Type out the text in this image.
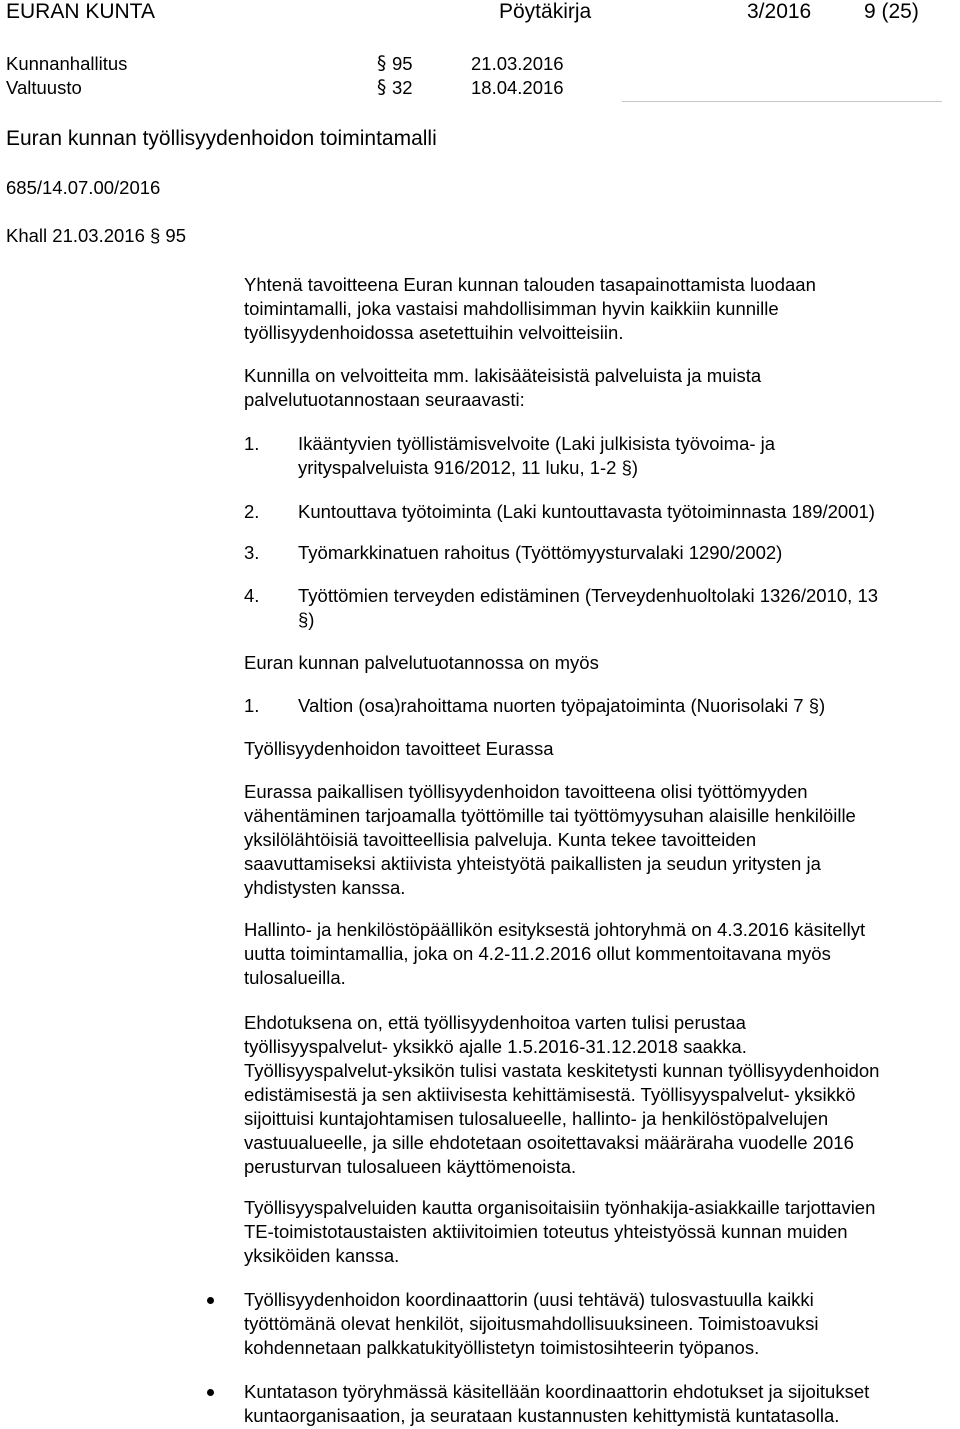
EURAN KUNTA	Pöytäkirja	3/2016	9 (25)
Kunnanhallitus	§ 95	21.03.2016
Valtuusto	§ 32	18.04.2016
Euran kunnan työllisyydenhoidon toimintamalli
685/14.07.00/2016
Khall 21.03.2016 § 95

Yhtenä tavoitteena Euran kunnan talouden tasapainottamista luodaan

toimintamalli, joka vastaisi mahdollisimman hyvin kaikkiin kunnille

työllisyydenhoidossa asetettuihin velvoitteisiin.

Kunnilla on velvoitteita mm. lakisääteisistä palveluista ja muista

palvelutuotannostaan seuraavasti:

1. Ikääntyvien työllistämisvelvoite (Laki julkisista työvoima- ja

yrityspalveluista 916/2012, 11 luku, 1-2 §)

2. Kuntouttava työtoiminta (Laki kuntouttavasta työtoiminnasta 189/2001)

3. Työmarkkinatuen rahoitus (Työttömyysturvalaki 1290/2002)

4. Työttömien terveyden edistäminen (Terveydenhuoltolaki 1326/2010, 13

§)

Euran kunnan palvelutuotannossa on myös
1. Valtion (osa)rahoittama nuorten työpajatoiminta (Nuorisolaki 7 §)

Työllisyydenhoidon tavoitteet Eurassa

Eurassa paikallisen työllisyydenhoidon tavoitteena olisi työttömyyden

vähentäminen tarjoamalla työttömille tai työttömyysuhan alaisille henkilöille

yksilölähtöisiä tavoitteellisia palveluja. Kunta tekee tavoitteiden

saavuttamiseksi aktiivista yhteistyötä paikallisten ja seudun yritysten ja

yhdistysten kanssa.

Hallinto- ja henkilöstöpäällikön esityksestä johtoryhmä on 4.3.2016 käsitellyt

uutta toimintamallia, joka on 4.2-11.2.2016 ollut kommentoitavana myös

tulosalueilla.

Ehdotuksena on, että työllisyydenhoitoa varten tulisi perustaa

työllisyyspalvelut- yksikkö ajalle 1.5.2016-31.12.2018 saakka.

Työllisyyspalvelut-yksikön tulisi vastata keskitetysti kunnan työllisyydenhoidon

edistämisestä ja sen aktiivisesta kehittämisestä. Työllisyyspalvelut- yksikkö

sijoittuisi kuntajohtamisen tulosalueelle, hallinto- ja henkilöstöpalvelujen

vastuualueelle, ja sille ehdotetaan osoitettavaksi määräraha vuodelle 2016

perusturvan tulosalueen käyttömenoista.

Työllisyyspalveluiden kautta organisoitaisiin työnhakija-asiakkaille tarjottavien

TE-toimistotaustaisten aktiivitoimien toteutus yhteistyössä kunnan muiden

yksiköiden kanssa.

Työllisyydenhoidon koordinaattorin (uusi tehtävä) tulosvastuulla kaikki

työttömänä olevat henkilöt, sijoitusmahdollisuuksineen. Toimistoavuksi

kohdennetaan palkkatukityöllistetyn toimistosihteerin työpanos.

Kuntatason työryhmässä käsitellään koordinaattorin ehdotukset ja sijoitukset

kuntaorganisaation, ja seurataan kustannusten kehittymistä kuntatasolla.
